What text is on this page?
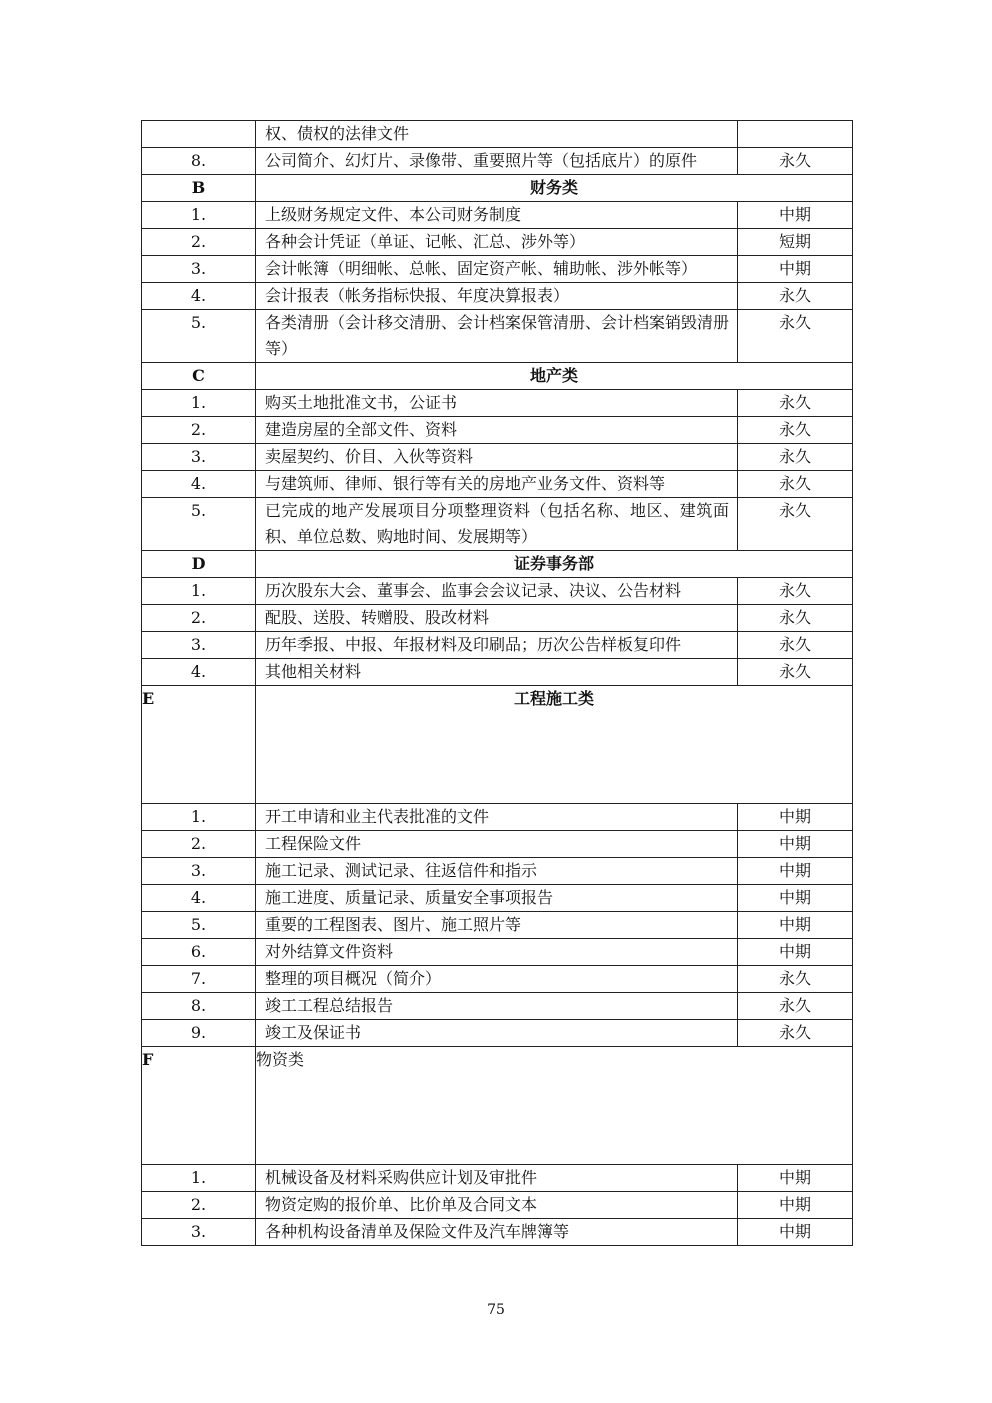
	权、债权的法律文件	
8.	公司简介、幻灯片、录像带、重要照片等（包括底片）的原件	永久
B	财务类	
1.	上级财务规定文件、本公司财务制度	中期
2.	各种会计凭证（单证、记帐、汇总、涉外等）	短期
3.	会计帐簿（明细帐、总帐、固定资产帐、辅助帐、涉外帐等）	中期
4.	会计报表（帐务指标快报、年度决算报表）	永久
5.	各类清册（会计移交清册、会计档案保管清册、会计档案销毁清册等）	永久
C	地产类	
1.	购买土地批准文书，公证书	永久
2.	建造房屋的全部文件、资料	永久
3.	卖屋契约、价目、入伙等资料	永久
4.	与建筑师、律师、银行等有关的房地产业务文件、资料等	永久
5.	已完成的地产发展项目分项整理资料（包括名称、地区、建筑面积、单位总数、购地时间、发展期等）	永久
D	证券事务部	
1.	历次股东大会、董事会、监事会会议记录、决议、公告材料	永久
2.	配股、送股、转赠股、股改材料	永久
3.	历年季报、中报、年报材料及印刷品；历次公告样板复印件	永久
4.	其他相关材料	永久
E	工程施工类	
1.	开工申请和业主代表批准的文件	中期
2.	工程保险文件	中期
3.	施工记录、测试记录、往返信件和指示	中期
4.	施工进度、质量记录、质量安全事项报告	中期
5.	重要的工程图表、图片、施工照片等	中期
6.	对外结算文件资料	中期
7.	整理的项目概况（简介）	永久
8.	竣工工程总结报告	永久
9.	竣工及保证书	永久
F	物资类	
1.	机械设备及材料采购供应计划及审批件	中期
2.	物资定购的报价单、比价单及合同文本	中期
3.	各种机构设备清单及保险文件及汽车牌簿等	中期
75
